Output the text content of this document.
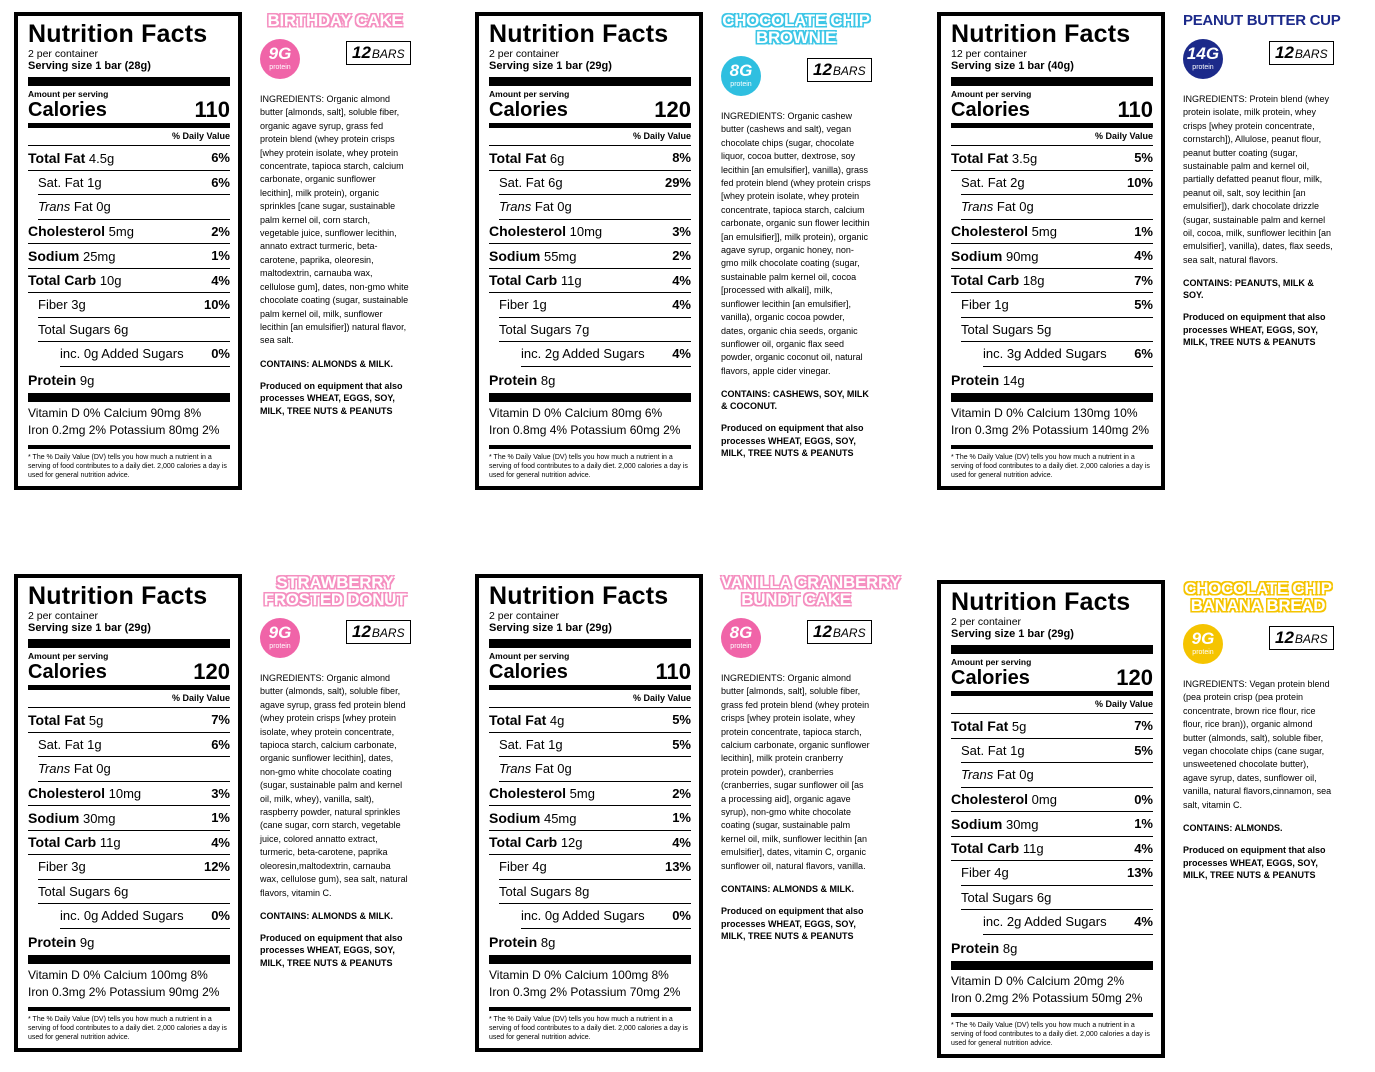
Nutrition Facts
2 per container
Serving size 1 bar (28g)
Amount per serving
Calories	110
% Daily Value
Total Fat 4.5g	6%
Sat. Fat 1g	6%
Trans Fat 0g
Cholesterol 5mg	2%
Sodium 25mg	1%
Total Carb 10g	4%
Fiber 3g	10%
Total Sugars 6g
inc. 0g Added Sugars 0%
Protein 9g
Vitamin D 0% Calcium 90mg 8%
Iron 0.2mg 2% Potassium 80mg 2%
* The % Daily Value (DV) tells you how much a nutrient in a serving of food contributes to a daily diet. 2,000 calories a day is used for general nutrition advice.
BIRTHDAY CAKE
9G
protein
12BARS
INGREDIENTS: Organic almond butter [almonds, salt], soluble fiber, organic agave syrup, grass fed protein blend (whey protein crisps [whey protein isolate, whey protein concentrate, tapioca starch, calcium carbonate, organic sunflower lecithin], milk protein), organic sprinkles [cane sugar, sustainable palm kernel oil, corn starch, vegetable juice, sunflower lecithin, annato extract turmeric, beta-carotene, paprika, oleoresin, maltodextrin, carnauba wax, cellulose gum], dates, non-gmo white chocolate coating (sugar, sustainable palm kernel oil, milk, sunflower lecithin [an emulsifier]) natural flavor, sea salt.
CONTAINS: ALMONDS & MILK.
Produced on equipment that also processes WHEAT, EGGS, SOY, MILK, TREE NUTS & PEANUTS
Nutrition Facts
2 per container
Serving size 1 bar (29g)
Amount per serving
Calories	120
% Daily Value
Total Fat 6g	8%
Sat. Fat 6g	29%
Trans Fat 0g
Cholesterol 10mg	3%
Sodium 55mg	2%
Total Carb 11g	4%
Fiber 1g	4%
Total Sugars 7g
inc. 2g Added Sugars 4%
Protein 8g
Vitamin D 0% Calcium 80mg 6%
Iron 0.8mg 4% Potassium 60mg 2%
* The % Daily Value (DV) tells you how much a nutrient in a serving of food contributes to a daily diet. 2,000 calories a day is used for general nutrition advice.
CHOCOLATE CHIP
BROWNIE
8G
protein
12BARS
INGREDIENTS: Organic cashew butter (cashews and salt), vegan chocolate chips (sugar, chocolate liquor, cocoa butter, dextrose, soy lecithin [an emulsifier], vanilla), grass fed protein blend (whey protein crisps [whey protein isolate, whey protein concentrate, tapioca starch, calcium carbonate, organic sun flower lecithin [an emulsifier]], milk protein), organic agave syrup, organic honey, non-gmo milk chocolate coating (sugar, sustainable palm kernel oil, cocoa [processed with alkali], milk, sunflower lecithin [an emulsifier], vanilla), organic cocoa powder, dates, organic chia seeds, organic sunflower oil, organic flax seed powder, organic coconut oil, natural flavors, apple cider vinegar.
CONTAINS: CASHEWS, SOY, MILK & COCONUT.
Produced on equipment that also processes WHEAT, EGGS, SOY, MILK, TREE NUTS & PEANUTS
Nutrition Facts
12 per container
Serving size 1 bar (40g)
Amount per serving
Calories	110
% Daily Value
Total Fat 3.5g	5%
Sat. Fat 2g	10%
Trans Fat 0g
Cholesterol 5mg	1%
Sodium 90mg	4%
Total Carb 18g	7%
Fiber 1g	5%
Total Sugars 5g
inc. 3g Added Sugars 6%
Protein 14g
Vitamin D 0% Calcium 130mg 10%
Iron 0.3mg 2% Potassium 140mg 2%
* The % Daily Value (DV) tells you how much a nutrient in a serving of food contributes to a daily diet. 2,000 calories a day is used for general nutrition advice.
PEANUT BUTTER CUP
14G
protein
12BARS
INGREDIENTS: Protein blend (whey protein isolate, milk protein, whey crisps [whey protein concentrate, cornstarch]), Allulose, peanut flour, peanut butter coating (sugar, sustainable palm and kernel oil, partially defatted peanut flour, milk, peanut oil, salt, soy lecithin [an emulsifier]), dark chocolate drizzle (sugar, sustainable palm and kernel oil, cocoa, milk, sunflower lecithin [an emulsifier], vanilla), dates, flax seeds, sea salt, natural flavors.
CONTAINS: PEANUTS, MILK & SOY.
Produced on equipment that also processes WHEAT, EGGS, SOY, MILK, TREE NUTS & PEANUTS
Nutrition Facts
2 per container
Serving size 1 bar (29g)
Amount per serving
Calories	120
% Daily Value
Total Fat 5g	7%
Sat. Fat 1g	6%
Trans Fat 0g
Cholesterol 10mg	3%
Sodium 30mg	1%
Total Carb 11g	4%
Fiber 3g	12%
Total Sugars 6g
inc. 0g Added Sugars 0%
Protein 9g
Vitamin D 0% Calcium 100mg 8%
Iron 0.3mg 2% Potassium 90mg 2%
* The % Daily Value (DV) tells you how much a nutrient in a serving of food contributes to a daily diet. 2,000 calories a day is used for general nutrition advice.
STRAWBERRY
FROSTED DONUT
9G
protein
12BARS
INGREDIENTS: Organic almond butter (almonds, salt), soluble fiber, agave syrup, grass fed protein blend (whey protein crisps [whey protein isolate, whey protein concentrate, tapioca starch, calcium carbonate, organic sunflower lecithin], dates, non-gmo white chocolate coating (sugar, sustainable palm and kernel oil, milk, whey), vanilla, salt), raspberry powder, natural sprinkles (cane sugar, corn starch, vegetable juice, colored annatto extract, turmeric, beta-carotene, paprika oleoresin,maltodextrin, carnauba wax, cellulose gum), sea salt, natural flavors, vitamin C.
CONTAINS: ALMONDS & MILK.
Produced on equipment that also processes WHEAT, EGGS, SOY, MILK, TREE NUTS & PEANUTS
Nutrition Facts
2 per container
Serving size 1 bar (29g)
Amount per serving
Calories	110
% Daily Value
Total Fat 4g	5%
Sat. Fat 1g	5%
Trans Fat 0g
Cholesterol 5mg	2%
Sodium 45mg	1%
Total Carb 12g	4%
Fiber 4g	13%
Total Sugars 8g
inc. 0g Added Sugars 0%
Protein 8g
Vitamin D 0% Calcium 100mg 8%
Iron 0.3mg 2% Potassium 70mg 2%
* The % Daily Value (DV) tells you how much a nutrient in a serving of food contributes to a daily diet. 2,000 calories a day is used for general nutrition advice.
VANILLA CRANBERRY
BUNDT CAKE
8G
protein
12BARS
INGREDIENTS: Organic almond butter [almonds, salt], soluble fiber, grass fed protein blend (whey protein crisps [whey protein isolate, whey protein concentrate, tapioca starch, calcium carbonate, organic sunflower lecithin], milk protein cranberry protein powder), cranberries (cranberries, sugar sunflower oil [as a processing aid], organic agave syrup), non-gmo white chocolate coating (sugar, sustainable palm kernel oil, milk, sunflower lecithin [an emulsifier], dates, vitamin C, organic sunflower oil, natural flavors, vanilla.
CONTAINS: ALMONDS & MILK.
Produced on equipment that also processes WHEAT, EGGS, SOY, MILK, TREE NUTS & PEANUTS
Nutrition Facts
2 per container
Serving size 1 bar (29g)
Amount per serving
Calories	120
% Daily Value
Total Fat 5g	7%
Sat. Fat 1g	5%
Trans Fat 0g
Cholesterol 0mg	0%
Sodium 30mg	1%
Total Carb 11g	4%
Fiber 4g	13%
Total Sugars 6g
inc. 2g Added Sugars 4%
Protein 8g
Vitamin D 0% Calcium 20mg 2%
Iron 0.2mg 2% Potassium 50mg 2%
* The % Daily Value (DV) tells you how much a nutrient in a serving of food contributes to a daily diet. 2,000 calories a day is used for general nutrition advice.
CHOCOLATE CHIP
BANANA BREAD
9G
protein
12BARS
INGREDIENTS: Vegan protein blend (pea protein crisp (pea protein concentrate, brown rice flour, rice flour, rice bran)), organic almond butter (almonds, salt), soluble fiber, vegan chocolate chips (cane sugar, unsweetened chocolate butter), agave syrup, dates, sunflower oil, vanilla, natural flavors,cinnamon, sea salt, vitamin C.
CONTAINS: ALMONDS.
Produced on equipment that also processes WHEAT, EGGS, SOY, MILK, TREE NUTS & PEANUTS
